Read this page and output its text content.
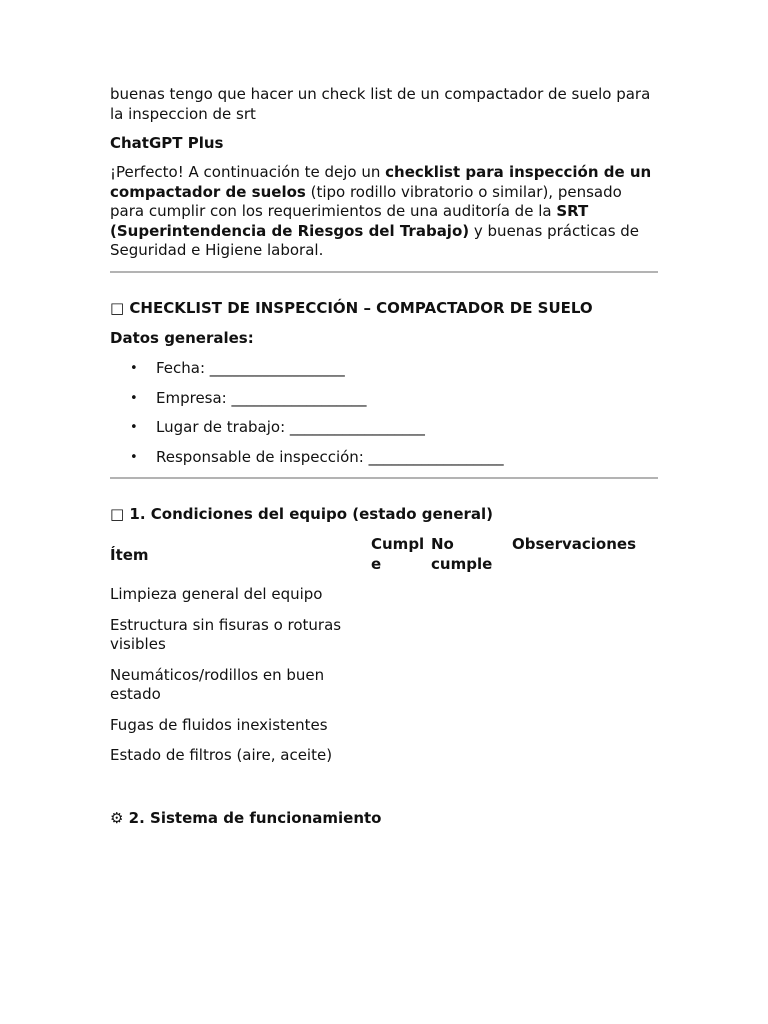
buenas tengo que hacer un check list de un compactador de suelo para la inspeccion de srt

ChatGPT Plus

¡Perfecto! A continuación te dejo un checklist para inspección de un compactador de suelos (tipo rodillo vibratorio o similar), pensado para cumplir con los requerimientos de una auditoría de la SRT (Superintendencia de Riesgos del Trabajo) y buenas prácticas de Seguridad e Higiene laboral.

□ CHECKLIST DE INSPECCIÓN – COMPACTADOR DE SUELO

Datos generales:

• Fecha: __________________
• Empresa: __________________
• Lugar de trabajo: __________________
• Responsable de inspección: __________________

□ 1. Condiciones del equipo (estado general)

Ítem	Cumple	No cumple	Observaciones
Limpieza general del equipo			
Estructura sin fisuras o roturas visibles			
Neumáticos/rodillos en buen estado			
Fugas de fluidos inexistentes			
Estado de filtros (aire, aceite)			

⚙ 2. Sistema de funcionamiento
